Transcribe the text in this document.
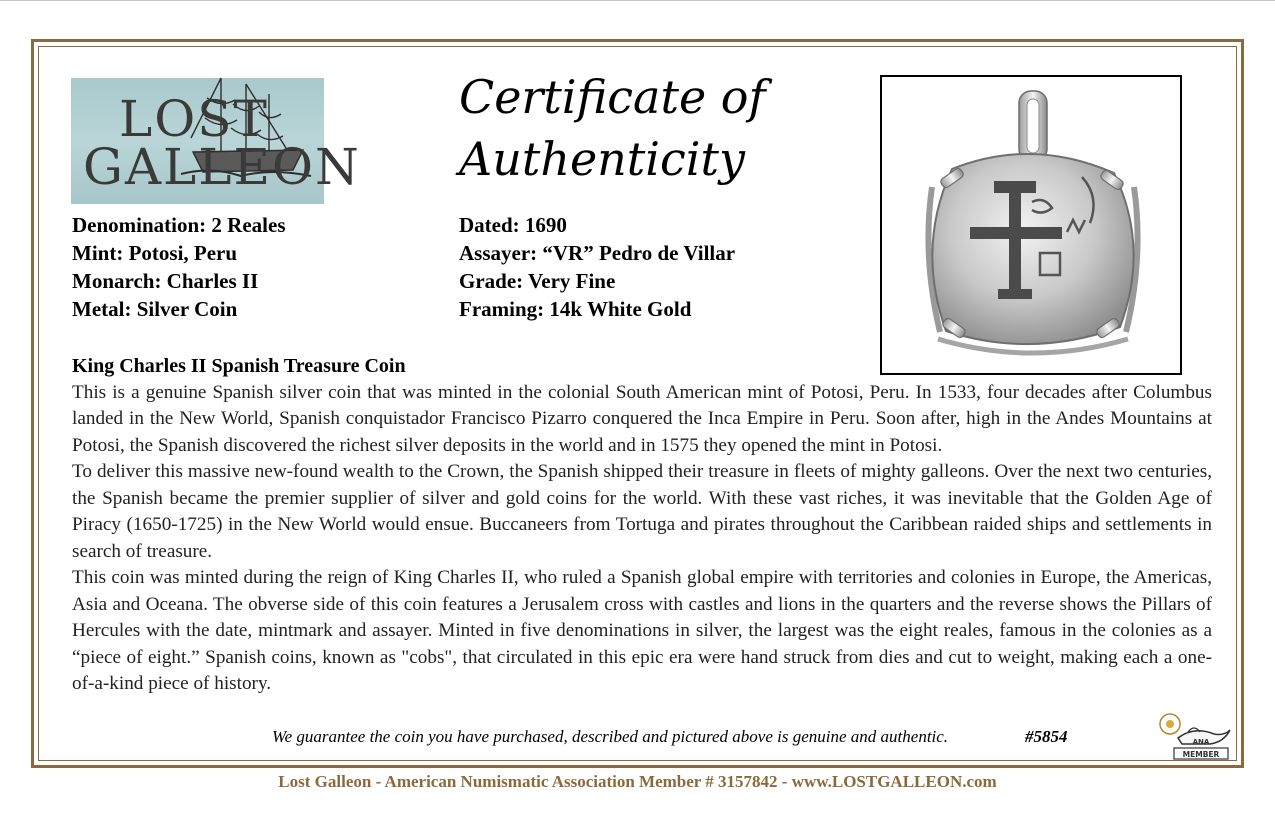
LOST
GALLEON
Certificate of
Authenticity
Denomination: 2 Reales
Mint: Potosi, Peru
Monarch: Charles II
Metal: Silver Coin
Dated: 1690
Assayer: “VR” Pedro de Villar
Grade: Very Fine
Framing: 14k White Gold
King Charles II Spanish Treasure Coin

This is a genuine Spanish silver coin that was minted in the colonial South American mint of Potosi, Peru. In 1533, four decades after Columbus landed in the New World, Spanish conquistador Francisco Pizarro conquered the Inca Empire in Peru. Soon after, high in the Andes Mountains at Potosi, the Spanish discovered the richest silver deposits in the world and in 1575 they opened the mint in Potosi.

To deliver this massive new-found wealth to the Crown, the Spanish shipped their treasure in fleets of mighty galleons. Over the next two centuries, the Spanish became the premier supplier of silver and gold coins for the world. With these vast riches, it was inevitable that the Golden Age of Piracy (1650-1725) in the New World would ensue. Buccaneers from Tortuga and pirates throughout the Caribbean raided ships and settlements in search of treasure.

This coin was minted during the reign of King Charles II, who ruled a Spanish global empire with territories and colonies in Europe, the Americas, Asia and Oceana. The obverse side of this coin features a Jerusalem cross with castles and lions in the quarters and the reverse shows the Pillars of Hercules with the date, mintmark and assayer. Minted in five denominations in silver, the largest was the eight reales, famous in the colonies as a “piece of eight.” Spanish coins, known as "cobs", that circulated in this epic era were hand struck from dies and cut to weight, making each a one-of-a-kind piece of history.

We guarantee the coin you have purchased, described and pictured above is genuine and authentic.	#5854	ANA
MEMBER
Lost Galleon - American Numismatic Association Member # 3157842 - www.LOSTGALLEON.com
